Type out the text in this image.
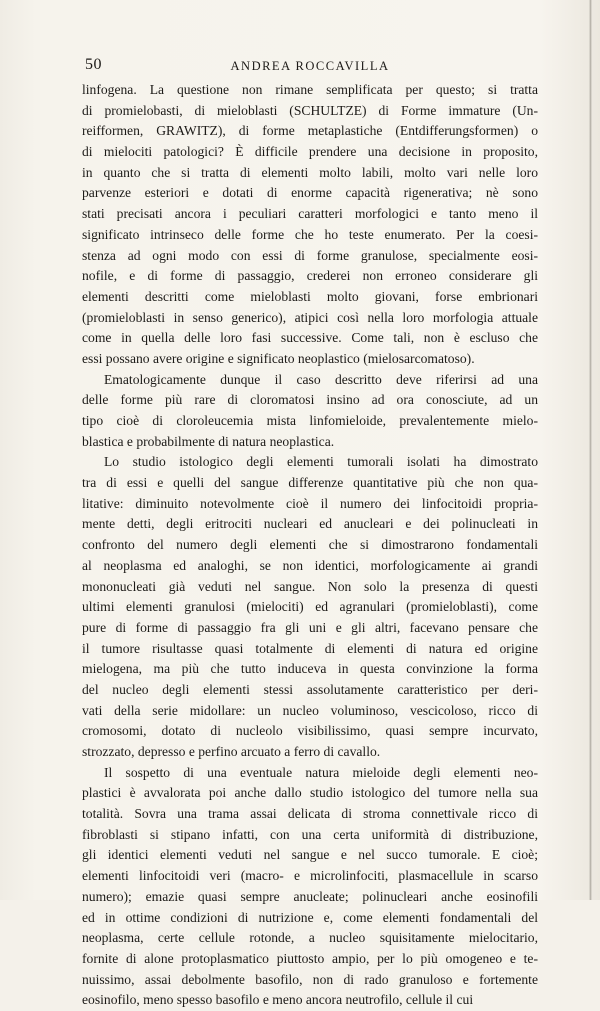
50	ANDREA ROCCAVILLA
linfogena. La questione non rimane semplificata per questo; si tratta
di promielobasti, di mieloblasti (SCHULTZE) di Forme immature (Un-
reifformen, GRAWITZ), di forme metaplastiche (Entdifferungsformen) o
di mielociti patologici? È difficile prendere una decisione in proposito,
in quanto che si tratta di elementi molto labili, molto vari nelle loro
parvenze esteriori e dotati di enorme capacità rigenerativa; nè sono
stati precisati ancora i peculiari caratteri morfologici e tanto meno il
significato intrinseco delle forme che ho teste enumerato. Per la coesi-
stenza ad ogni modo con essi di forme granulose, specialmente eosi-
nofile, e di forme di passaggio, crederei non erroneo considerare gli
elementi descritti come mieloblasti molto giovani, forse embrionari
(promieloblasti in senso generico), atipici così nella loro morfologia attuale
come in quella delle loro fasi successive. Come tali, non è escluso che
essi possano avere origine e significato neoplastico (mielosarcomatoso).
Ematologicamente dunque il caso descritto deve riferirsi ad una
delle forme più rare di cloromatosi insino ad ora conosciute, ad un
tipo cioè di cloroleucemia mista linfomieloide, prevalentemente mielo-
blastica e probabilmente di natura neoplastica.
Lo studio istologico degli elementi tumorali isolati ha dimostrato
tra di essi e quelli del sangue differenze quantitative più che non qua-
litative: diminuito notevolmente cioè il numero dei linfocitoidi propria-
mente detti, degli eritrociti nucleari ed anucleari e dei polinucleati in
confronto del numero degli elementi che si dimostrarono fondamentali
al neoplasma ed analoghi, se non identici, morfologicamente ai grandi
mononucleati già veduti nel sangue. Non solo la presenza di questi
ultimi elementi granulosi (mielociti) ed agranulari (promieloblasti), come
pure di forme di passaggio fra gli uni e gli altri, facevano pensare che
il tumore risultasse quasi totalmente di elementi di natura ed origine
mielogena, ma più che tutto induceva in questa convinzione la forma
del nucleo degli elementi stessi assolutamente caratteristico per deri-
vati della serie midollare: un nucleo voluminoso, vescicoloso, ricco di
cromosomi, dotato di nucleolo visibilissimo, quasi sempre incurvato,
strozzato, depresso e perfino arcuato a ferro di cavallo.
Il sospetto di una eventuale natura mieloide degli elementi neo-
plastici è avvalorata poi anche dallo studio istologico del tumore nella sua
totalità. Sovra una trama assai delicata di stroma connettivale ricco di
fibroblasti si stipano infatti, con una certa uniformità di distribuzione,
gli identici elementi veduti nel sangue e nel succo tumorale. E cioè;
elementi linfocitoidi veri (macro- e microlinfociti, plasmacellule in scarso
numero); emazie quasi sempre anucleate; polinucleari anche eosinofili
ed in ottime condizioni di nutrizione e, come elementi fondamentali del
neoplasma, certe cellule rotonde, a nucleo squisitamente mielocitario,
fornite di alone protoplasmatico piuttosto ampio, per lo più omogeneo e te-
nuissimo, assai debolmente basofilo, non di rado granuloso e fortemente
eosinofilo, meno spesso basofilo e meno ancora neutrofilo, cellule il cui
